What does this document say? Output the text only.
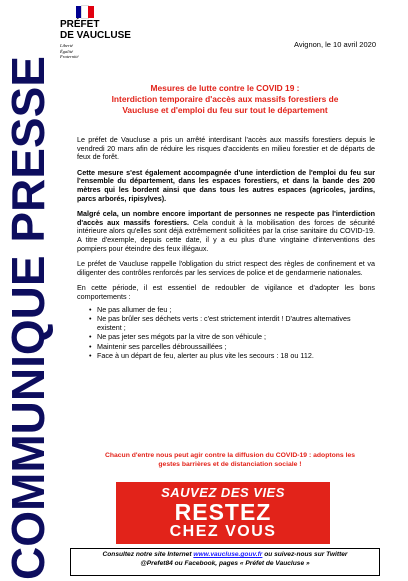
COMMUNIQUE PRESSE
PRÉFET
DE VAUCLUSE
Liberté
Égalité
Fraternité
Avignon, le 10 avril 2020
Mesures de lutte contre le COVID 19 :
Interdiction temporaire d'accès aux massifs forestiers de
Vaucluse et d'emploi du feu sur tout le département

Le préfet de Vaucluse a pris un arrêté interdisant l'accès aux massifs forestiers depuis le vendredi 20 mars afin de réduire les risques d'accidents en milieu forestier et de départs de feux de forêt.

Cette mesure s'est également accompagnée d'une interdiction de l'emploi du feu sur l'ensemble du département, dans les espaces forestiers, et dans la bande des 200 mètres qui les bordent ainsi que dans tous les autres espaces (agricoles, jardins, parcs arborés, ripisylves).

Malgré cela, un nombre encore important de personnes ne respecte pas l'interdiction d'accès aux massifs forestiers. Cela conduit à la mobilisation des forces de sécurité intérieure alors qu'elles sont déjà extrêmement sollicitées par la crise sanitaire du COVID-19. A titre d'exemple, depuis cette date, il y a eu plus d'une vingtaine d'interventions des pompiers pour éteindre des feux illégaux.

Le préfet de Vaucluse rappelle l'obligation du strict respect des règles de confinement et va diligenter des contrôles renforcés par les services de police et de gendarmerie nationales.

En cette période, il est essentiel de redoubler de vigilance et d'adopter les bons comportements :

• Ne pas allumer de feu ;
• Ne pas brûler ses déchets verts : c'est strictement interdit ! D'autres alternatives existent ;
• Ne pas jeter ses mégots par la vitre de son véhicule ;
• Maintenir ses parcelles débroussaillées ;
• Face à un départ de feu, alerter au plus vite les secours : 18 ou 112.
Chacun d'entre nous peut agir contre la diffusion du COVID-19 : adoptons les
gestes barrières et de distanciation sociale !
SAUVEZ DES VIES
RESTEZ
CHEZ VOUS
Consultez notre site Internet www.vaucluse.gouv.fr ou suivez-nous sur Twitter
@Prefet84 ou Facebook, pages « Préfet de Vaucluse »
